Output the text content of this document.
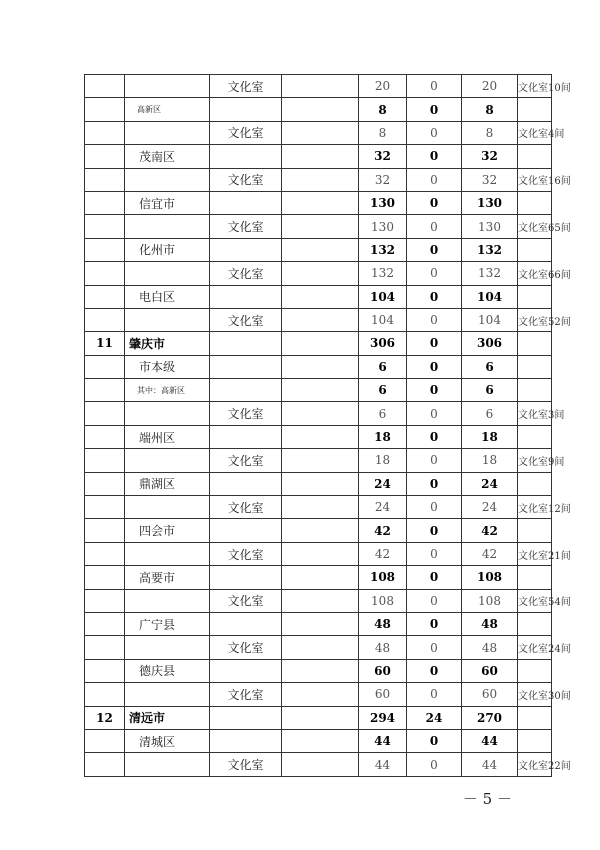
		文化室		20	0	20	文化室10间
	高新区			8	0	8	
		文化室		8	0	8	文化室4间
	茂南区			32	0	32	
		文化室		32	0	32	文化室16间
	信宜市			130	0	130	
		文化室		130	0	130	文化室65间
	化州市			132	0	132	
		文化室		132	0	132	文化室66间
	电白区			104	0	104	
		文化室		104	0	104	文化室52间
11	肇庆市			306	0	306	
	市本级			6	0	6	
	其中：高新区			6	0	6	
		文化室		6	0	6	文化室3间
	端州区			18	0	18	
		文化室		18	0	18	文化室9间
	鼎湖区			24	0	24	
		文化室		24	0	24	文化室12间
	四会市			42	0	42	
		文化室		42	0	42	文化室21间
	高要市			108	0	108	
		文化室		108	0	108	文化室54间
	广宁县			48	0	48	
		文化室		48	0	48	文化室24间
	德庆县			60	0	60	
		文化室		60	0	60	文化室30间
12	清远市			294	24	270	
	清城区			44	0	44	
		文化室		44	0	44	文化室22间
－ 5 －
